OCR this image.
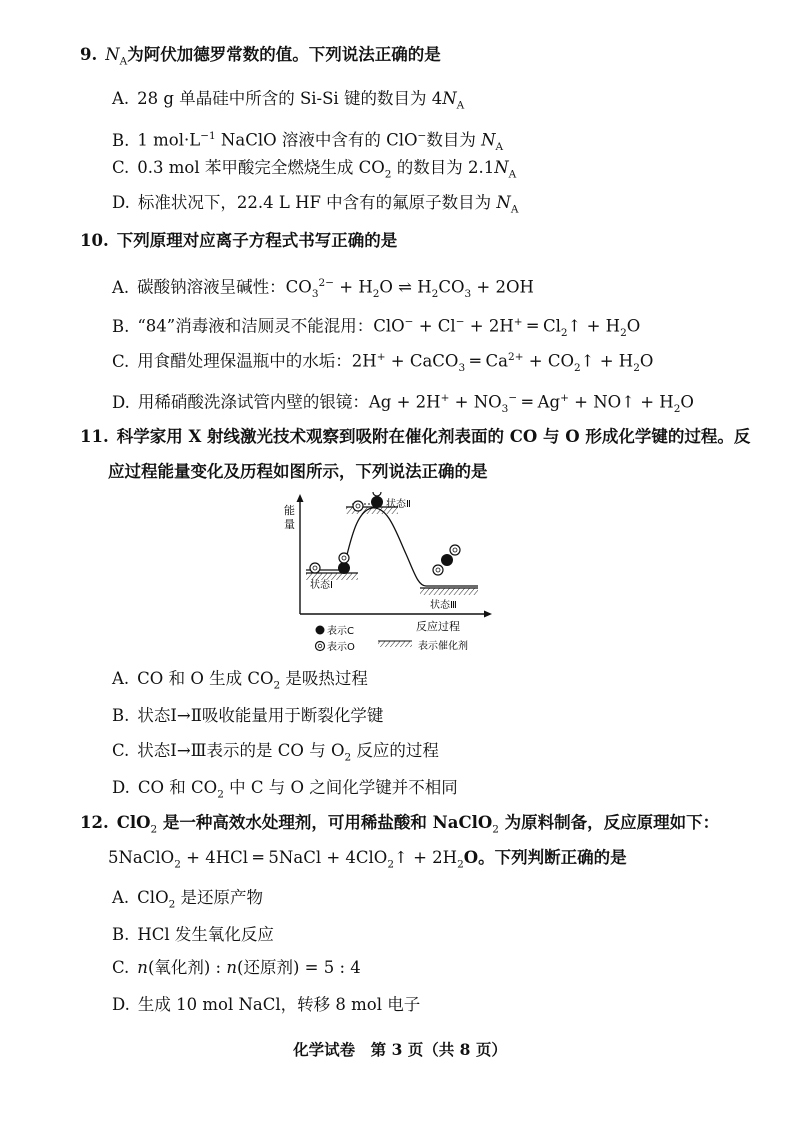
9. $N_A$为阿伏加德罗常数的值。下列说法正确的是
A. 28 g 单晶硅中所含的 Si-Si 键的数目为 $4N_A$
B. 1 $mol\cdot L^{-1}$ NaClO 溶液中含有的 ClO−数目为 $N_A$
C. 0.3 mol 苯甲酸完全燃烧生成 $CO_2$ 的数目为 $2.1N_A$
D. 标准状况下，22.4 L HF 中含有的氟原子数目为 $N_A$
10. 下列原理对应离子方程式书写正确的是
A. 碳酸钠溶液呈碱性：$CO_3^{2-} + H_2O$ ⇌ $H_2CO_3 + 2OH$
B. “84”消毒液和洁厕灵不能混用：ClO− + Cl− + 2H+ ═ $Cl_2↑ + H_2O$
C. 用食醋处理保温瓶中的水垢：2H+ + CaCO$_3$ ═ $Ca^{2+}$ + $CO_2↑ + H_2O$
D. 用稀硝酸洗涤试管内壁的银镜：$Ag + 2H^+ + NO_3^-$ ═ Ag+ + NO↑ + $H_2O$
11. 科学家用 X 射线激光技术观察到吸附在催化剂表面的 CO 与 O 形成化学键的过程。反
应过程能量变化及历程如图所示，下列说法正确的是
能
量
状态Ⅰ
状态Ⅱ
状态Ⅲ
反应过程
表示C
表示O	表示催化剂
A. CO 和 O 生成 $CO_2$ 是吸热过程
B. 状态Ⅰ→Ⅱ吸收能量用于断裂化学键
C. 状态Ⅰ→Ⅲ表示的是 CO 与 $O_2$ 反应的过程
D. CO 和 $CO_2$ 中 C 与 O 之间化学键并不相同
12. ClO$_2$ 是一种高效水处理剂，可用稀盐酸和 NaClO$_2$ 为原料制备，反应原理如下：
5NaClO$_2$ + 4HCl ═ 5NaCl + 4ClO$_2$↑ + $2H_2O$。下列判断正确的是
A. ClO$_2$ 是还原产物
B. HCl 发生氧化反应
C. n(氧化剂) : n(还原剂) = 5 : 4
D. 生成 10 mol NaCl，转移 8 mol 电子
化学试卷　第 3 页（共 8 页）
